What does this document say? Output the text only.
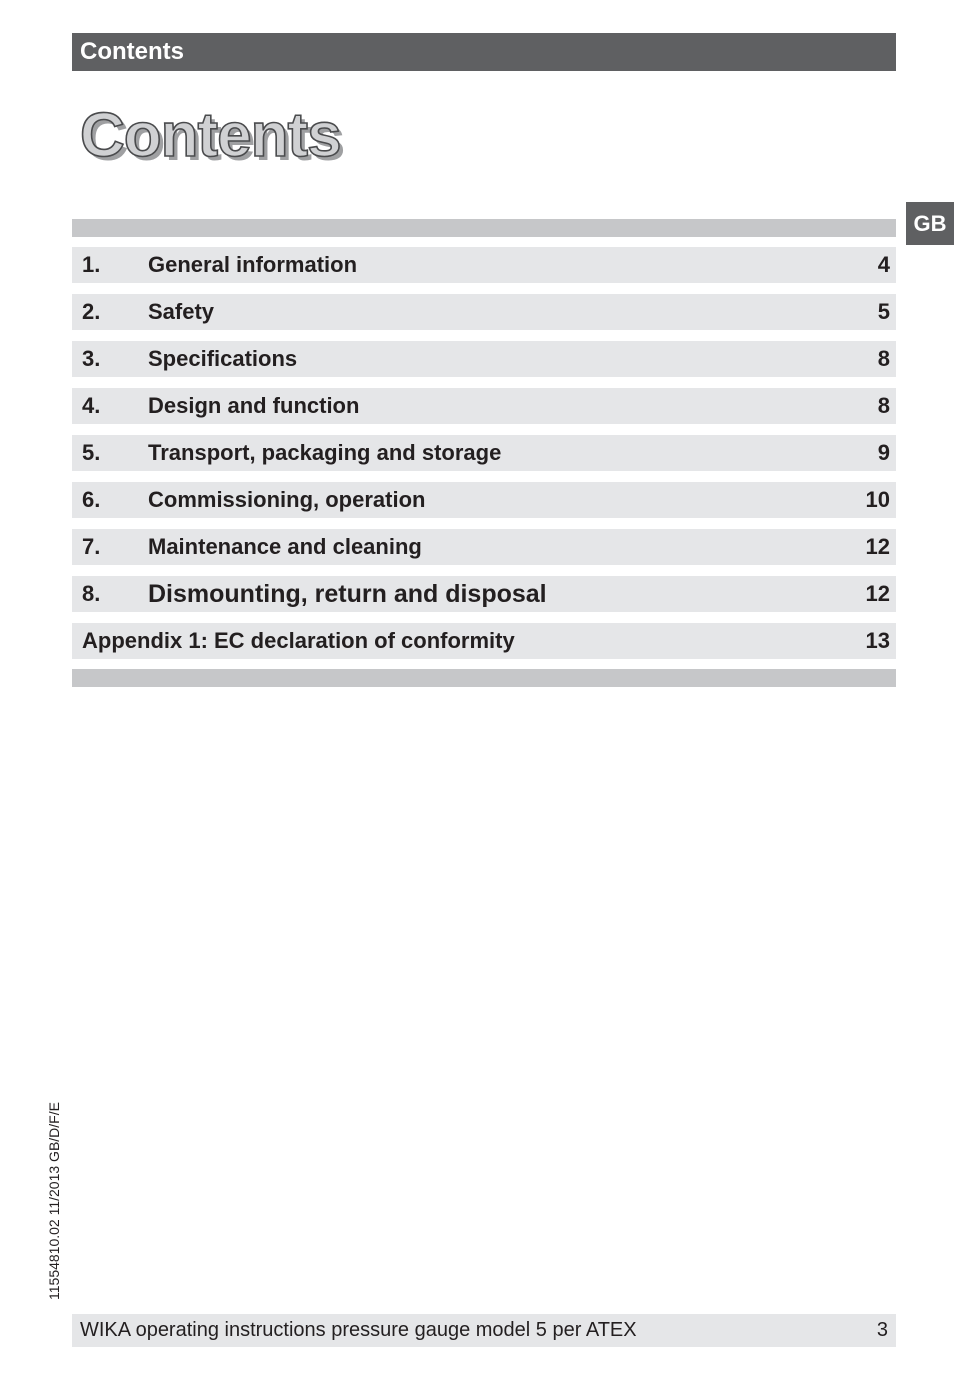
Contents
Contents
GB
1. General information	4
2. Safety	5
3. Specifications	8
4. Design and function	8
5. Transport, packaging and storage	9
6. Commissioning, operation	10
7. Maintenance and cleaning	12
8. Dismounting, return and disposal	12
Appendix 1: EC declaration of conformity	13
11554810.02 11/2013 GB/D/F/E
WIKA operating instructions pressure gauge model 5 per ATEX	3
